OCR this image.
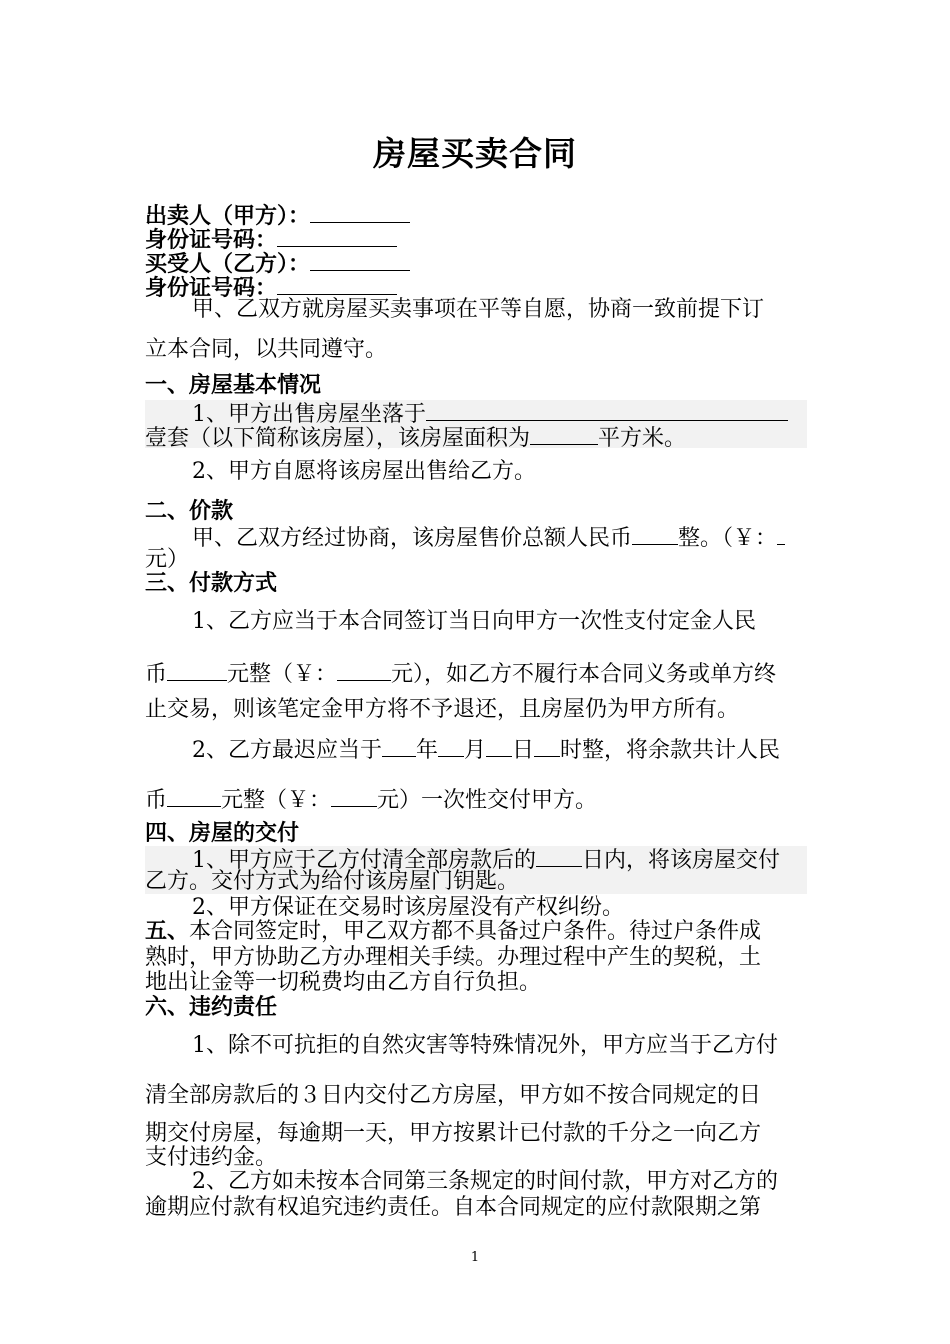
房屋买卖合同
出卖人（甲方）：
身份证号码：
买受人（乙方）：
身份证号码：
甲、乙双方就房屋买卖事项在平等自愿，协商一致前提下订
立本合同，以共同遵守。
一、房屋基本情况
1、甲方出售房屋坐落于
壹套（以下简称该房屋），该房屋面积为	平方米。
2、甲方自愿将该房屋出售给乙方。
二、价款
甲、乙双方经过协商，该房屋售价总额人民币 整。（￥：
元）
三、付款方式
1、乙方应当于本合同签订当日向甲方一次性支付定金人民
币	元整（￥： 元），如乙方不履行本合同义务或单方终
止交易，则该笔定金甲方将不予退还，且房屋仍为甲方所有。
2、乙方最迟应当于 年 月 日 时整，将余款共计人民
币 元整（￥： 元）一次性交付甲方。
四、房屋的交付
1、甲方应于乙方付清全部房款后的 日内，将该房屋交付
乙方。交付方式为给付该房屋门钥匙。
2、甲方保证在交易时该房屋没有产权纠纷。
五、本合同签定时，甲乙双方都不具备过户条件。待过户条件成
熟时，甲方协助乙方办理相关手续。办理过程中产生的契税，土
地出让金等一切税费均由乙方自行负担。
六、违约责任
1、除不可抗拒的自然灾害等特殊情况外，甲方应当于乙方付
清全部房款后的３日内交付乙方房屋，甲方如不按合同规定的日
期交付房屋，每逾期一天，甲方按累计已付款的千分之一向乙方
支付违约金。
2、乙方如未按本合同第三条规定的时间付款，甲方对乙方的
逾期应付款有权追究违约责任。自本合同规定的应付款限期之第
1
